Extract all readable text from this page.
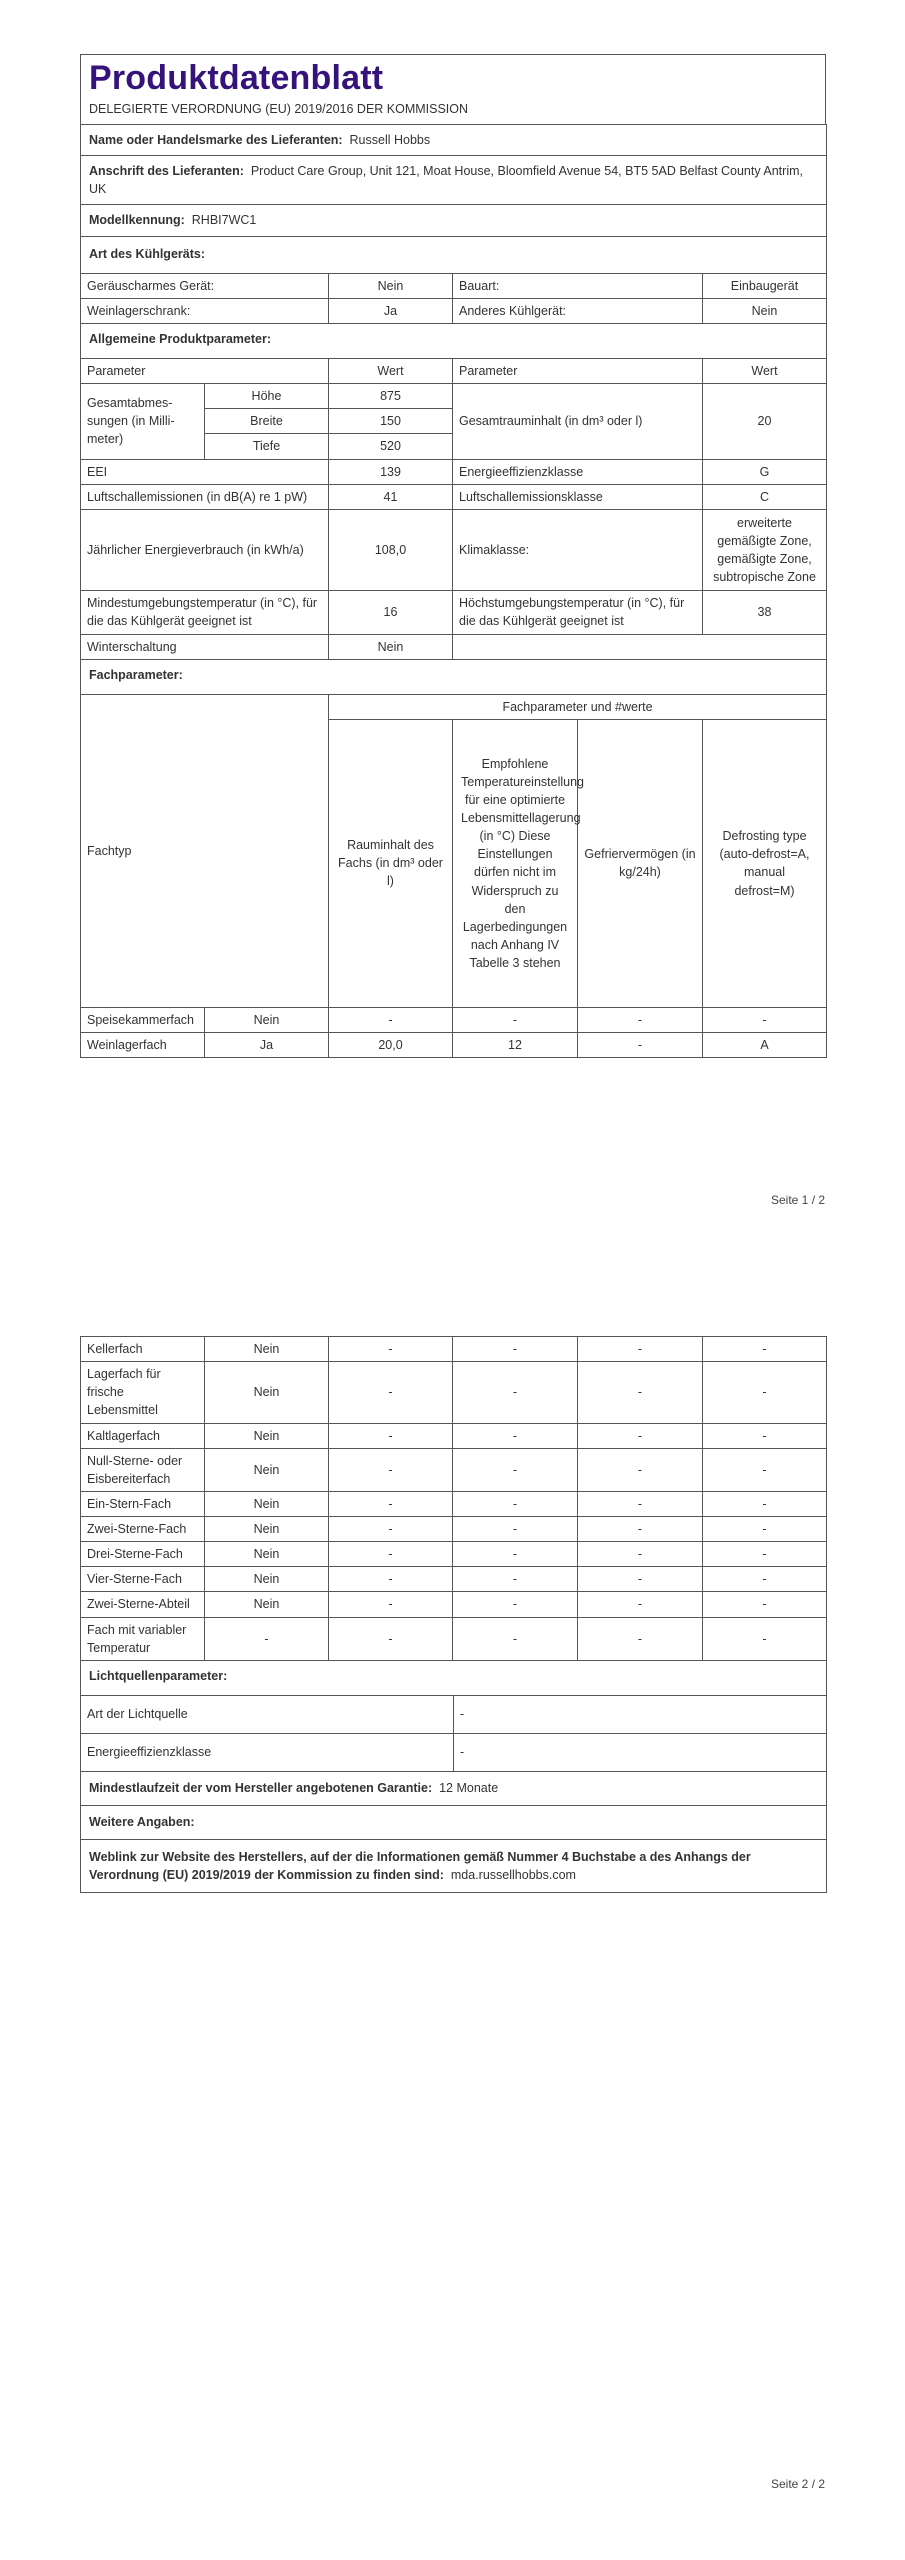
Produktdatenblatt
DELEGIERTE VERORDNUNG (EU) 2019/2016 DER KOMMISSION
Name oder Handelsmarke des Lieferanten: Russell Hobbs				
Anschrift des Lieferanten: Product Care Group, Unit 121, Moat House, Bloomfield Avenue 54, BT5 5AD Belfast County Antrim, UK				
Modellkennung: RHBI7WC1				
Art des Kühlgeräts:				
Geräuscharmes Gerät:		Nein	Bauart:	Einbaugerät
Weinlagerschrank:		Ja	Anderes Kühlgerät:	Nein
Allgemeine Produktparameter:				
Parameter		Wert	Parameter	Wert
Gesamtabmes-sungen (in Milli-meter)	Höhe	875	Gesamtrauminhalt (in dm³ oder l)	20
	Breite	150		
	Tiefe	520		
EEI		139	Energieeffizienzklasse	G
Luftschallemissionen (in dB(A) re 1 pW)		41	Luftschallemissionsklasse	C
Jährlicher Energieverbrauch (in kWh/a)		108,0	Klimaklasse:	erweiterte gemäßigte Zone, gemäßigte Zone, subtropische Zone
Mindestumgebungstemperatur (in °C), für die das Kühlgerät geeignet ist		16	Höchstumgebungstemperatur (in °C), für die das Kühlgerät geeignet ist	38
Winterschaltung		Nein		
Fachparameter:				
Fachtyp		Fachparameter und #werte			
		Rauminhalt des Fachs (in dm³ oder l)	Empfohlene Temperatureinstellung für eine optimierte Lebensmittellagerung (in °C) Diese Einstellungen dürfen nicht im Widerspruch zu den Lagerbedingungen nach Anhang IV Tabelle 3 stehen	Gefriervermögen (in kg/24h)	Defrosting type (auto-defrost=A, manual defrost=M)
Speisekammerfach	Nein	-	-	-	-
Weinlagerfach	Ja	20,0	12	-	A
Seite 1 / 2
Kellerfach	Nein	-	-	-	-
Lagerfach für frische Lebensmittel	Nein	-	-	-	-
Kaltlagerfach	Nein	-	-	-	-
Null-Sterne- oder Eisbereiterfach	Nein	-	-	-	-
Ein-Stern-Fach	Nein	-	-	-	-
Zwei-Sterne-Fach	Nein	-	-	-	-
Drei-Sterne-Fach	Nein	-	-	-	-
Vier-Sterne-Fach	Nein	-	-	-	-
Zwei-Sterne-Abteil	Nein	-	-	-	-
Fach mit variabler Temperatur	-	-	-	-	-
Lichtquellenparameter:	
Art der Lichtquelle	-
Energieeffizienzklasse	-
Mindestlaufzeit der vom Hersteller angebotenen Garantie: 12 Monate	
Weitere Angaben:	
Weblink zur Website des Herstellers, auf der die Informationen gemäß Nummer 4 Buchstabe a des Anhangs der Verordnung (EU) 2019/2019 der Kommission zu finden sind: mda.russellhobbs.com	
Seite 2 / 2
